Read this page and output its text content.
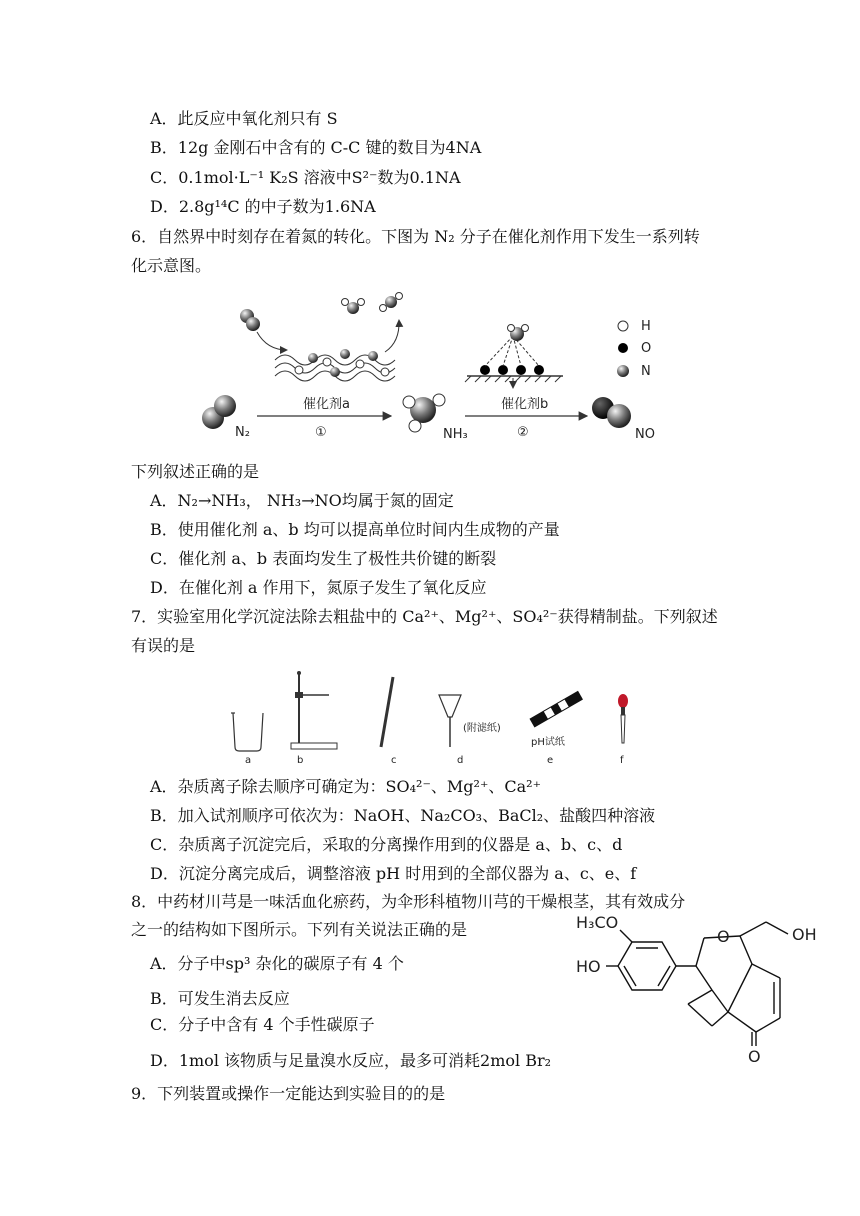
A．此反应中氧化剂只有 S
B．12g 金刚石中含有的 C-C 键的数目为4NA
C．0.1mol·L⁻¹ K₂S 溶液中S²⁻数为0.1NA
D．2.8g¹⁴C 的中子数为1.6NA
6．自然界中时刻存在着氮的转化。下图为 N₂ 分子在催化剂作用下发生一系列转
化示意图。
N₂
催化剂a
①	NH₃
催化剂b
②	NO
H
O
N
下列叙述正确的是
A．N₂→NH₃， NH₃→NO均属于氮的固定
B．使用催化剂 a、b 均可以提高单位时间内生成物的产量
C．催化剂 a、b 表面均发生了极性共价键的断裂
D．在催化剂 a 作用下，氮原子发生了氧化反应
7．实验室用化学沉淀法除去粗盐中的 Ca²⁺、Mg²⁺、SO₄²⁻获得精制盐。下列叙述
有误的是
a	b	c
(附滤纸)
d
pH试纸
e	f
A．杂质离子除去顺序可确定为：SO₄²⁻、Mg²⁺、Ca²⁺
B．加入试剂顺序可依次为：NaOH、Na₂CO₃、BaCl₂、盐酸四种溶液
C．杂质离子沉淀完后，采取的分离操作用到的仪器是 a、b、c、d
D．沉淀分离完成后，调整溶液 pH 时用到的全部仪器为 a、c、e、f
8．中药材川芎是一味活血化瘀药，为伞形科植物川芎的干燥根茎，其有效成分
之一的结构如下图所示。下列有关说法正确的是	H₃CO
HO
O	OH
O
A．分子中sp³ 杂化的碳原子有 4 个
B．可发生消去反应
C．分子中含有 4 个手性碳原子
D．1mol 该物质与足量溴水反应，最多可消耗2mol Br₂
9．下列装置或操作一定能达到实验目的的是
